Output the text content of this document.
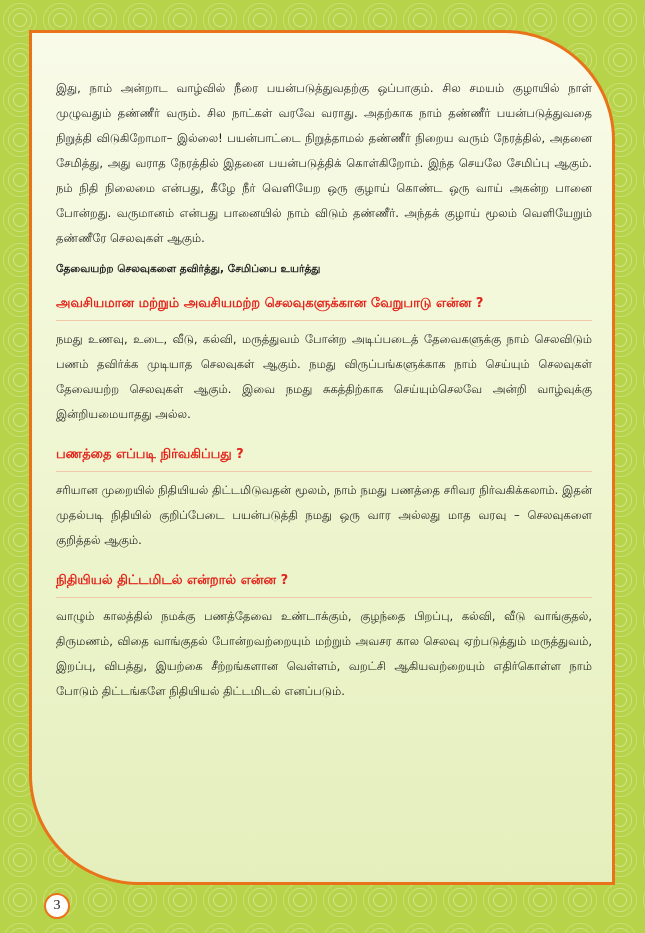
இது, நாம் அன்றாட வாழ்வில் நீரை பயன்படுத்துவதற்கு ஒப்பாகும். சில சமயம் குழாயில் நாள் முழுவதும் தண்ணீர் வரும். சில நாட்கள் வரவே வராது. அதற்காக நாம் தண்ணீர் பயன்படுத்துவதை நிறுத்தி விடுகிறோமா– இல்லை! பயன்பாட்டை நிறுத்தாமல் தண்ணீர் நிறைய வரும் நேரத்தில், அதனை சேமித்து, அது வராத நேரத்தில் இதனை பயன்படுத்திக் கொள்கிறோம். இந்த செயலே சேமிப்பு ஆகும். நம் நிதி நிலைமை என்பது, கீழே நீர் வெளியேற ஒரு குழாய் கொண்ட ஒரு வாய் அகன்ற பானை போன்றது. வருமானம் என்பது பானையில் நாம் விடும் தண்ணீர். அந்தக் குழாய் மூலம் வெளியேறும் தண்ணீரே செலவுகள் ஆகும்.

தேவையற்ற செலவுகளை தவிர்த்து, சேமிப்பை உயர்த்து

அவசியமான மற்றும் அவசியமற்ற செலவுகளுக்கான வேறுபாடு என்ன ?

நமது உணவு, உடை, வீடு, கல்வி, மருத்துவம் போன்ற அடிப்படைத் தேவைகளுக்கு நாம் செலவிடும் பணம் தவிர்க்க முடியாத செலவுகள் ஆகும். நமது விருப்பங்களுக்காக நாம் செய்யும் செலவுகள் தேவையற்ற செலவுகள் ஆகும். இவை நமது சுகத்திற்காக செய்யும்செலவே அன்றி வாழ்வுக்கு இன்றியமையாதது அல்ல.

பணத்தை எப்படி நிர்வகிப்பது ?

சரியான முறையில் நிதியியல் திட்டமிடுவதன் மூலம், நாம் நமது பணத்தை சரிவர நிர்வகிக்கலாம். இதன் முதல்படி நிதியில் குறிப்பேடை பயன்படுத்தி நமது ஒரு வார அல்லது மாத வரவு – செலவுகளை குறித்தல் ஆகும்.

நிதியியல் திட்டமிடல் என்றால் என்ன ?

வாழும் காலத்தில் நமக்கு பணத்தேவை உண்டாக்கும், குழந்தை பிறப்பு, கல்வி, வீடு வாங்குதல், திருமணம், விதை வாங்குதல் போன்றவற்றையும் மற்றும் அவசர கால செலவு ஏற்படுத்தும் மருத்துவம், இறப்பு, விபத்து, இயற்கை சீற்றங்களான வெள்ளம், வறட்சி ஆகியவற்றையும் எதிர்கொள்ள நாம் போடும் திட்டங்களே நிதியியல் திட்டமிடல் எனப்படும்.

3
